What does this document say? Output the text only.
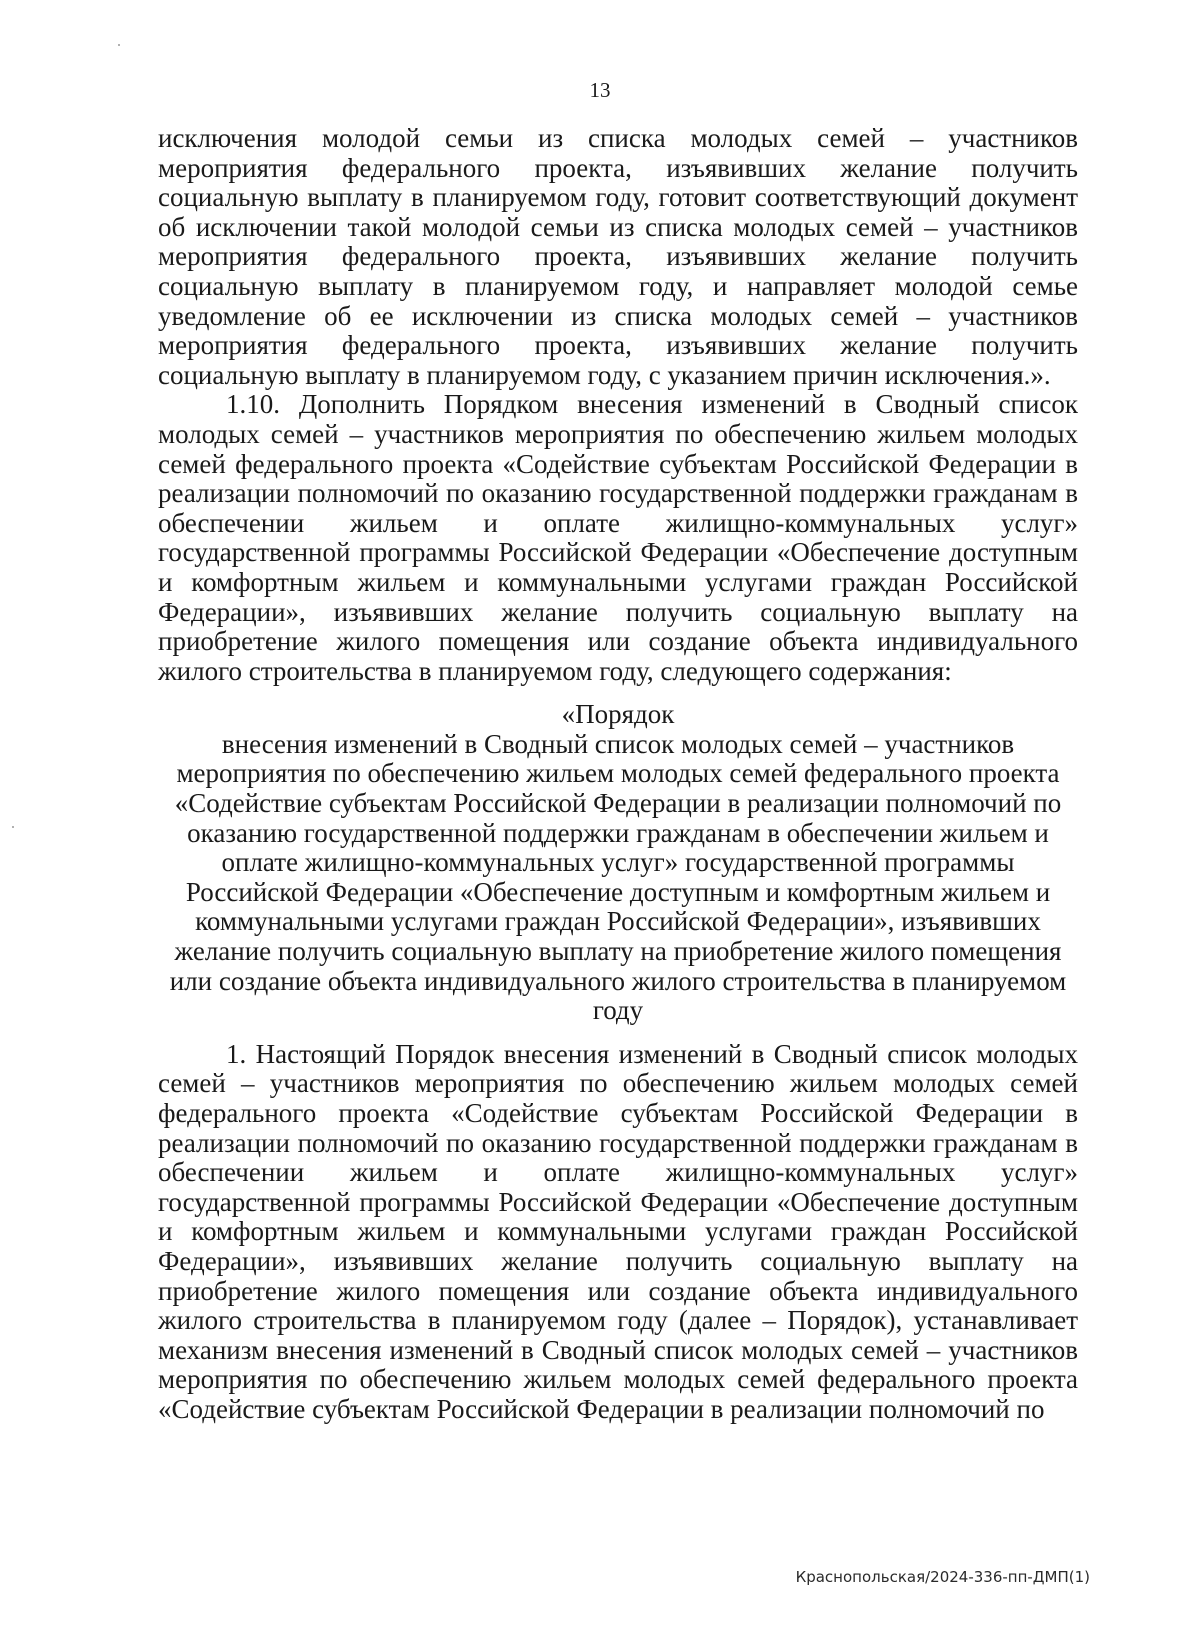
13

исключения молодой семьи из списка молодых семей – участников мероприятия федерального проекта, изъявивших желание получить социальную выплату в планируемом году, готовит соответствующий документ об исключении такой молодой семьи из списка молодых семей – участников мероприятия федерального проекта, изъявивших желание получить социальную выплату в планируемом году, и направляет молодой семье уведомление об ее исключении из списка молодых семей – участников мероприятия федерального проекта, изъявивших желание получить социальную выплату в планируемом году, с указанием причин исключения.».

1.10. Дополнить Порядком внесения изменений в Сводный список молодых семей – участников мероприятия по обеспечению жильем молодых семей федерального проекта «Содействие субъектам Российской Федерации в реализации полномочий по оказанию государственной поддержки гражданам в обеспечении жильем и оплате жилищно-коммунальных услуг» государственной программы Российской Федерации «Обеспечение доступным и комфортным жильем и коммунальными услугами граждан Российской Федерации», изъявивших желание получить социальную выплату на приобретение жилого помещения или создание объекта индивидуального жилого строительства в планируемом году, следующего содержания:

«Порядок

внесения изменений в Сводный список молодых семей – участников мероприятия по обеспечению жильем молодых семей федерального проекта «Содействие субъектам Российской Федерации в реализации полномочий по оказанию государственной поддержки гражданам в обеспечении жильем и оплате жилищно-коммунальных услуг» государственной программы Российской Федерации «Обеспечение доступным и комфортным жильем и коммунальными услугами граждан Российской Федерации», изъявивших желание получить социальную выплату на приобретение жилого помещения или создание объекта индивидуального жилого строительства в планируемом году

1. Настоящий Порядок внесения изменений в Сводный список молодых семей – участников мероприятия по обеспечению жильем молодых семей федерального проекта «Содействие субъектам Российской Федерации в реализации полномочий по оказанию государственной поддержки гражданам в обеспечении жильем и оплате жилищно-коммунальных услуг» государственной программы Российской Федерации «Обеспечение доступным и комфортным жильем и коммунальными услугами граждан Российской Федерации», изъявивших желание получить социальную выплату на приобретение жилого помещения или создание объекта индивидуального жилого строительства в планируемом году (далее – Порядок), устанавливает механизм внесения изменений в Сводный список молодых семей – участников мероприятия по обеспечению жильем молодых семей федерального проекта «Содействие субъектам Российской Федерации в реализации полномочий по

Краснопольская/2024-336-пп-ДМП(1)
